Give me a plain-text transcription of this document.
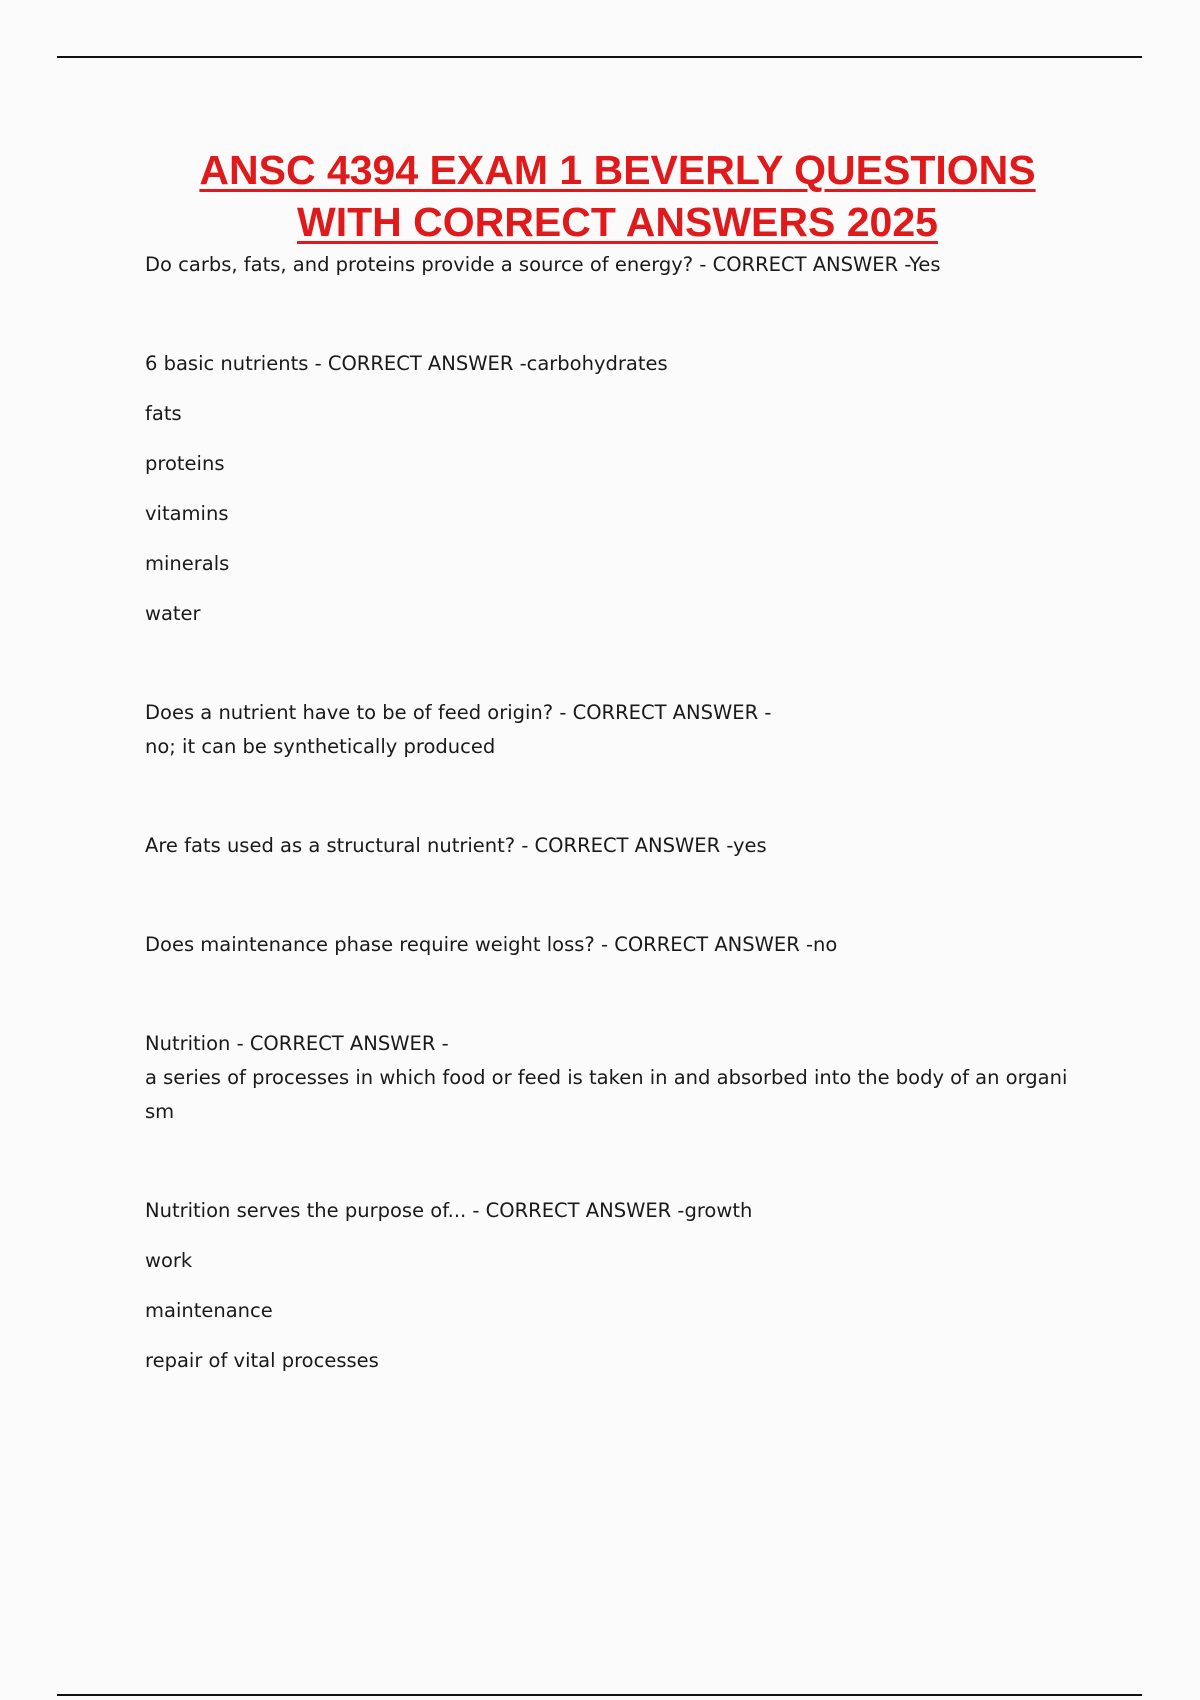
ANSC 4394 EXAM 1 BEVERLY QUESTIONS
WITH CORRECT ANSWERS 2025

Do carbs, fats, and proteins provide a source of energy? - CORRECT ANSWER -Yes

6 basic nutrients - CORRECT ANSWER -carbohydrates

fats

proteins

vitamins

minerals

water

Does a nutrient have to be of feed origin? - CORRECT ANSWER -

no; it can be synthetically produced

Are fats used as a structural nutrient? - CORRECT ANSWER -yes

Does maintenance phase require weight loss? - CORRECT ANSWER -no

Nutrition - CORRECT ANSWER -

a series of processes in which food or feed is taken in and absorbed into the body of an organi

sm

Nutrition serves the purpose of... - CORRECT ANSWER -growth

work

maintenance

repair of vital processes
